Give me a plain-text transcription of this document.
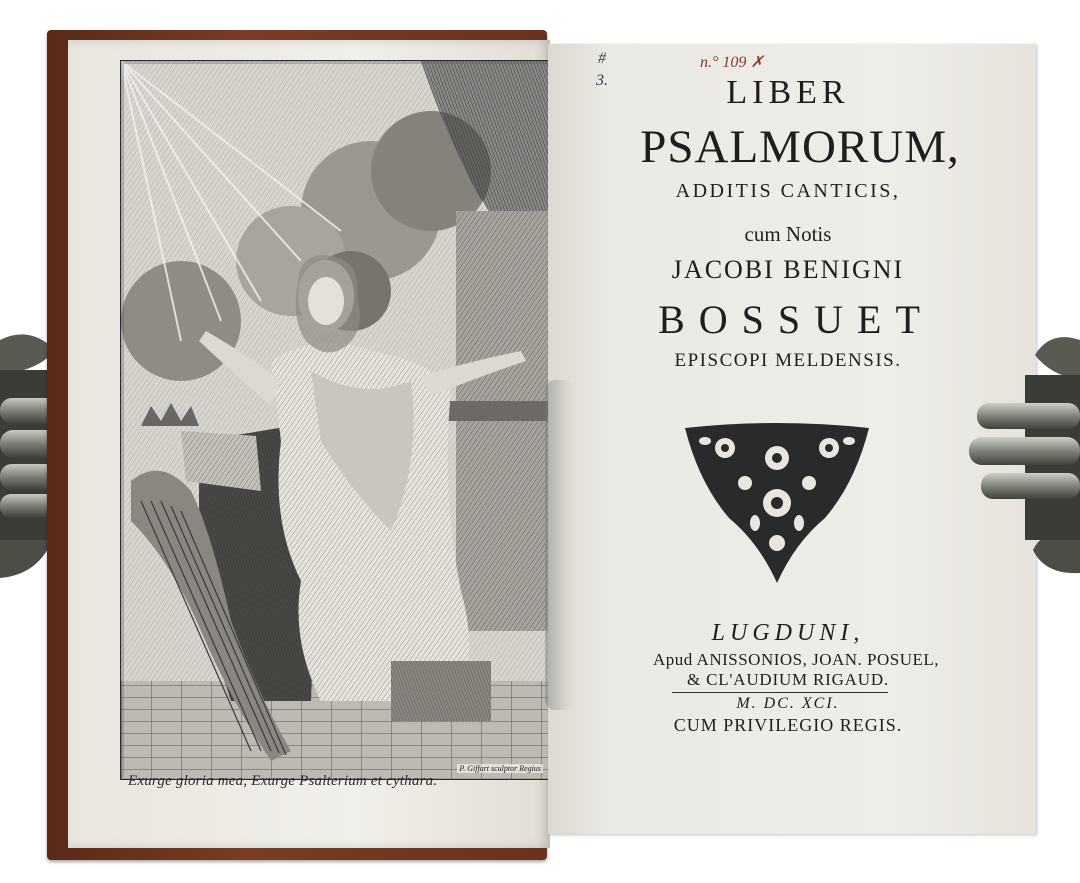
P. Giffart sculptor Regius
Exurge gloria mea, Exurge Psalterium et cythara.
#
3.
n.° 109 ✗
LIBER
PSALMORUM,
ADDITIS CANTICIS,
cum Notis
JACOBI BENIGNI
BOSSUET
EPISCOPI MELDENSIS.
LUGDUNI,
Apud ANISSONIOS, JOAN. POSUEL,
& CL'AUDIUM RIGAUD.
M. DC. XCI.
CUM PRIVILEGIO REGIS.
